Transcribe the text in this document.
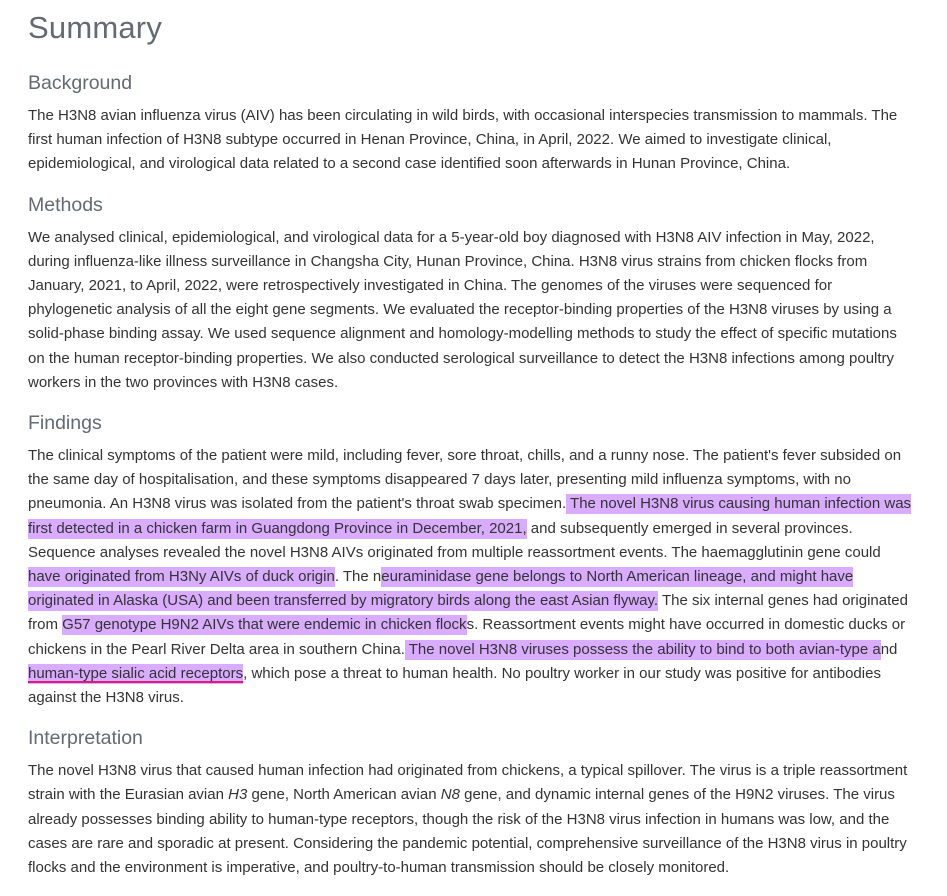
Summary
Background

The H3N8 avian influenza virus (AIV) has been circulating in wild birds, with occasional interspecies transmission to mammals. The first human infection of H3N8 subtype occurred in Henan Province, China, in April, 2022. We aimed to investigate clinical, epidemiological, and virological data related to a second case identified soon afterwards in Hunan Province, China.

Methods

We analysed clinical, epidemiological, and virological data for a 5-year-old boy diagnosed with H3N8 AIV infection in May, 2022, during influenza-like illness surveillance in Changsha City, Hunan Province, China. H3N8 virus strains from chicken flocks from January, 2021, to April, 2022, were retrospectively investigated in China. The genomes of the viruses were sequenced for phylogenetic analysis of all the eight gene segments. We evaluated the receptor-binding properties of the H3N8 viruses by using a solid-phase binding assay. We used sequence alignment and homology-modelling methods to study the effect of specific mutations on the human receptor-binding properties. We also conducted serological surveillance to detect the H3N8 infections among poultry workers in the two provinces with H3N8 cases.

Findings

The clinical symptoms of the patient were mild, including fever, sore throat, chills, and a runny nose. The patient's fever subsided on the same day of hospitalisation, and these symptoms disappeared 7 days later, presenting mild influenza symptoms, with no pneumonia. An H3N8 virus was isolated from the patient's throat swab specimen. The novel H3N8 virus causing human infection was first detected in a chicken farm in Guangdong Province in December, 2021, and subsequently emerged in several provinces. Sequence analyses revealed the novel H3N8 AIVs originated from multiple reassortment events. The haemagglutinin gene could have originated from H3Ny AIVs of duck origin. The neuraminidase gene belongs to North American lineage, and might have originated in Alaska (USA) and been transferred by migratory birds along the east Asian flyway. The six internal genes had originated from G57 genotype H9N2 AIVs that were endemic in chicken flocks. Reassortment events might have occurred in domestic ducks or chickens in the Pearl River Delta area in southern China. The novel H3N8 viruses possess the ability to bind to both avian-type and human-type sialic acid receptors, which pose a threat to human health. No poultry worker in our study was positive for antibodies against the H3N8 virus.

Interpretation

The novel H3N8 virus that caused human infection had originated from chickens, a typical spillover. The virus is a triple reassortment strain with the Eurasian avian H3 gene, North American avian N8 gene, and dynamic internal genes of the H9N2 viruses. The virus already possesses binding ability to human-type receptors, though the risk of the H3N8 virus infection in humans was low, and the cases are rare and sporadic at present. Considering the pandemic potential, comprehensive surveillance of the H3N8 virus in poultry flocks and the environment is imperative, and poultry-to-human transmission should be closely monitored.
